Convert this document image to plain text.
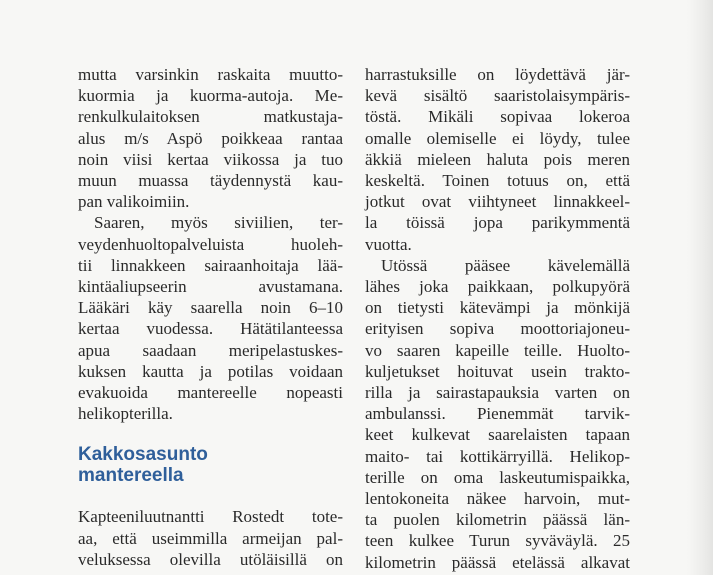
mutta varsinkin raskaita muutto-
kuormia ja kuorma-autoja. Me-
renkulkulaitoksen matkustaja-
alus m/s Aspö poikkeaa rantaa
noin viisi kertaa viikossa ja tuo
muun muassa täydennystä kau-
pan valikoimiin.
Saaren, myös siviilien, ter-
veydenhuoltopalveluista huoleh-
tii linnakkeen sairaanhoitaja lää-
kintäaliupseerin avustamana.
Lääkäri käy saarella noin 6–10
kertaa vuodessa. Hätätilanteessa
apua saadaan meripelastuskes-
kuksen kautta ja potilas voidaan
evakuoida mantereelle nopeasti
helikopterilla.
Kakkosasunto
mantereella
Kapteeniluutnantti Rostedt tote-
aa, että useimmilla armeijan pal-
veluksessa olevilla utöläisillä on
harrastuksille on löydettävä jär-
kevä sisältö saaristolaisympäris-
töstä. Mikäli sopivaa lokeroa
omalle olemiselle ei löydy, tulee
äkkiä mieleen haluta pois meren
keskeltä. Toinen totuus on, että
jotkut ovat viihtyneet linnakkeel-
la töissä jopa parikymmentä
vuotta.
Utössä pääsee kävelemällä
lähes joka paikkaan, polkupyörä
on tietysti kätevämpi ja mönkijä
erityisen sopiva moottoriajoneu-
vo saaren kapeille teille. Huolto-
kuljetukset hoituvat usein trakto-
rilla ja sairastapauksia varten on
ambulanssi. Pienemmät tarvik-
keet kulkevat saarelaisten tapaan
maito- tai kottikärryillä. Helikop-
terille on oma laskeutumispaikka,
lentokoneita näkee harvoin, mut-
ta puolen kilometrin päässä län-
teen kulkee Turun syväväylä. 25
kilometrin päässä etelässä alkavat
